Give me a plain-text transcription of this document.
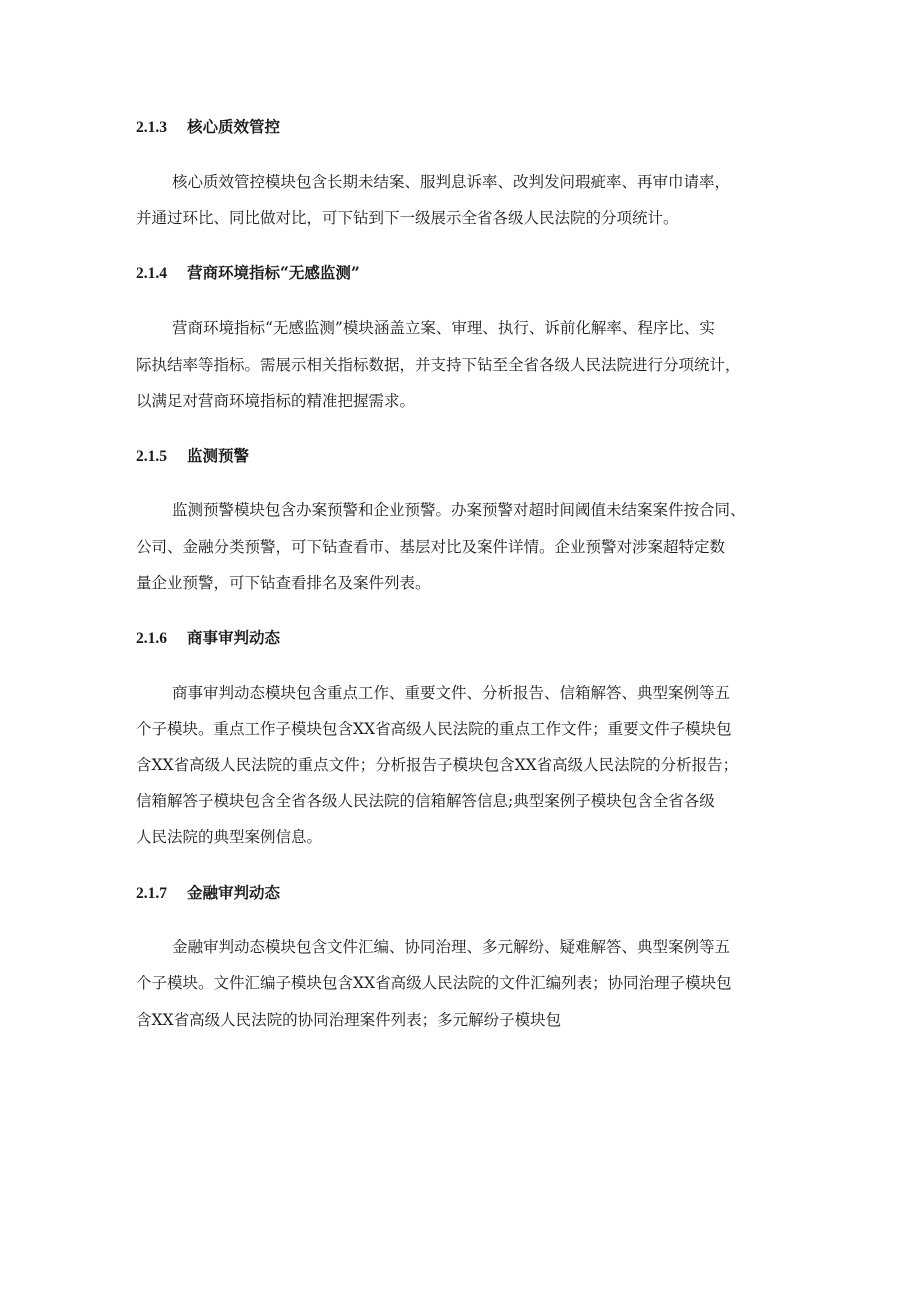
2.1.3 核心质效管控
核心质效管控模块包含长期未结案、服判息诉率、改判发问瑕疵率、再审巾请率，
并通过环比、同比做对比，可下钻到下一级展示全省各级人民法院的分项统计。
2.1.4 营商环境指标“无感监测”
营商环境指标“无感监测”模块涵盖立案、审理、执行、诉前化解率、程序比、实
际执结率等指标。需展示相关指标数据，并支持下钻至全省各级人民法院进行分项统计，
以满足对营商环境指标的精准把握需求。
2.1.5 监测预警
监测预警模块包含办案预警和企业预警。办案预警对超时间阈值未结案案件按合同、
公司、金融分类预警，可下钻查看市、基层对比及案件详情。企业预警对涉案超特定数
量企业预警，可下钻查看排名及案件列表。
2.1.6 商事审判动态
商事审判动态模块包含重点工作、重要文件、分析报告、信箱解答、典型案例等五
个子模块。重点工作子模块包含XX省高级人民法院的重点工作文件；重要文件子模块包
含XX省高级人民法院的重点文件；分析报告子模块包含XX省高级人民法院的分析报告；
信箱解答子模块包含全省各级人民法院的信箱解答信息;典型案例子模块包含全省各级
人民法院的典型案例信息。
2.1.7 金融审判动态
金融审判动态模块包含文件汇编、协同治理、多元解纷、疑难解答、典型案例等五
个子模块。文件汇编子模块包含XX省高级人民法院的文件汇编列表；协同治理子模块包
含XX省高级人民法院的协同治理案件列表；多元解纷子模块包
